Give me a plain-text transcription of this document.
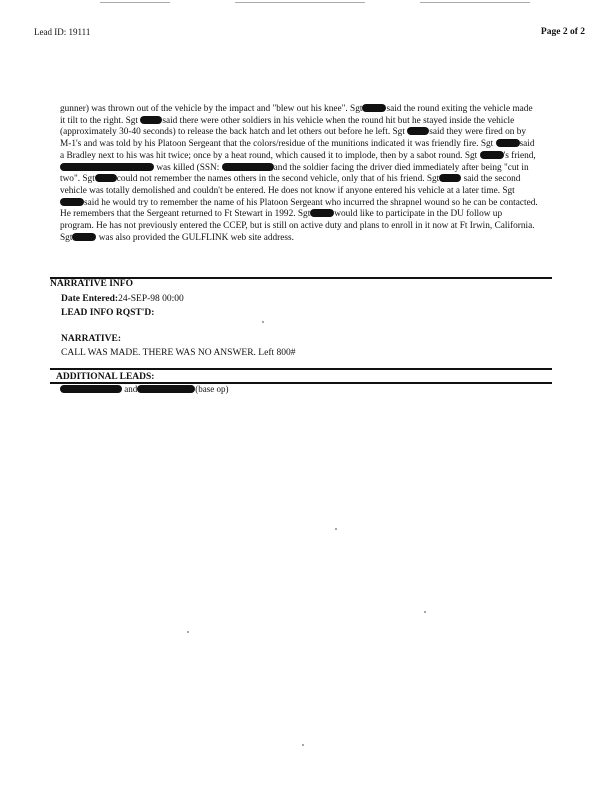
Lead ID: 19111	Page 2 of 2
gunner) was thrown out of the vehicle by the impact and "blew out his knee". Sgt	said the round exiting the vehicle made it tilt to the right. Sgt	said there were other soldiers in his vehicle when the round hit but he stayed inside the vehicle (approximately 30-40 seconds) to release the back hatch and let others out before he left. Sgt	said they were fired on by M-1's and was told by his Platoon Sergeant that the colors/residue of the munitions indicated it was friendly fire. Sgt	said a Bradley next to his was hit twice; once by a heat round, which caused it to implode, then by a sabot round. Sgt	's friend,  was killed (SSN:	and the soldier facing the driver died immediately after being "cut in two". Sgt could not remember the names others in the second vehicle, only that of his friend. Sgt	said the second vehicle was totally demolished and couldn't be entered. He does not know if anyone entered his vehicle at a later time. Sgt said he would try to remember the name of his Platoon Sergeant who incurred the shrapnel wound so he can be contacted. He remembers that the Sergeant returned to Ft Stewart in 1992. Sgt	would like to participate in the DU follow up program. He has not previously entered the CCEP, but is still on active duty and plans to enroll in it now at Ft Irwin, California. Sgt	was also provided the GULFLINK web site address.
NARRATIVE INFO
Date Entered:24-SEP-98 00:00
LEAD INFO RQST'D:
NARRATIVE:
CALL WAS MADE. THERE WAS NO ANSWER. Left 800#
ADDITIONAL LEADS:
and	(base op)
